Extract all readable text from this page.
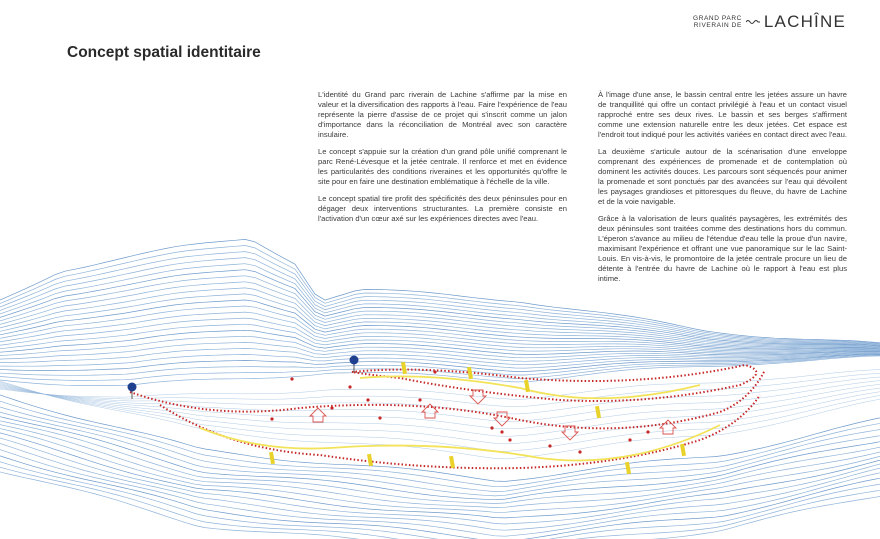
GRAND PARC
RIVERAIN DE LACHÎNE
Concept spatial identitaire

L'identité du Grand parc riverain de Lachine s'affirme par la mise en valeur et la diversification des rapports à l'eau. Faire l'expérience de l'eau représente la pierre d'assise de ce projet qui s'inscrit comme un jalon d'importance dans la réconciliation de Montréal avec son caractère insulaire.

Le concept s'appuie sur la création d'un grand pôle unifié comprenant le parc René-Lévesque et la jetée centrale. Il renforce et met en évidence les particularités des conditions riveraines et les opportunités qu'offre le site pour en faire une destination emblématique à l'échelle de la ville.

Le concept spatial tire profit des spécificités des deux péninsules pour en dégager deux interventions structurantes. La première consiste en l'activation d'un cœur axé sur les expériences directes avec l'eau.

À l'image d'une anse, le bassin central entre les jetées assure un havre de tranquillité qui offre un contact privilégié à l'eau et un contact visuel rapproché entre ses deux rives. Le bassin et ses berges s'affirment comme une extension naturelle entre les deux jetées. Cet espace est l'endroit tout indiqué pour les activités variées en contact direct avec l'eau.

La deuxième s'articule autour de la scénarisation d'une enveloppe comprenant des expériences de promenade et de contemplation où dominent les activités douces. Les parcours sont séquencés pour animer la promenade et sont ponctués par des avancées sur l'eau qui dévoilent les paysages grandioses et pittoresques du fleuve, du havre de Lachine et de la voie navigable.

Grâce à la valorisation de leurs qualités paysagères, les extrémités des deux péninsules sont traitées comme des destinations hors du commun. L'éperon s'avance au milieu de l'étendue d'eau telle la proue d'un navire, maximisant l'expérience et offrant une vue panoramique sur le lac Saint-Louis. En vis-à-vis, le promontoire de la jetée centrale procure un lieu de détente à l'entrée du havre de Lachine où le rapport à l'eau est plus intime.
